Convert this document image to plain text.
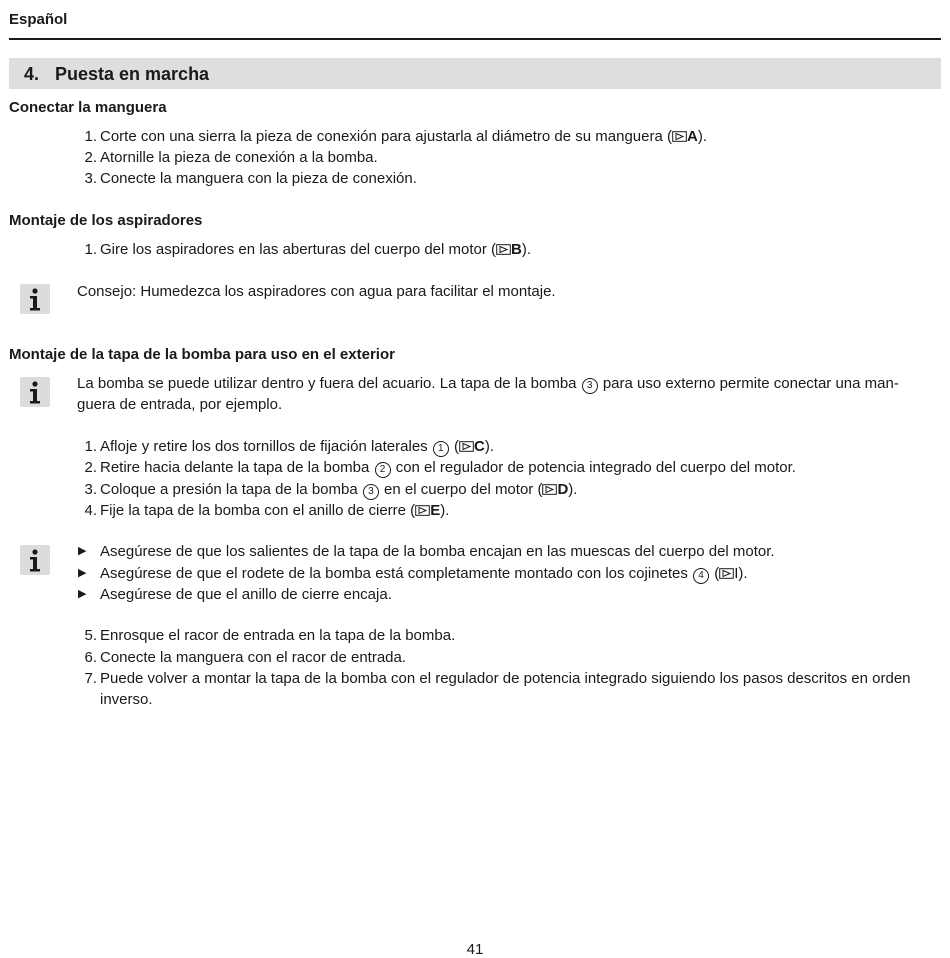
Español
4. Puesta en marcha
Conectar la manguera
1. Corte con una sierra la pieza de conexión para ajustarla al diámetro de su manguera ( A).
2. Atornille la pieza de conexión a la bomba.
3. Conecte la manguera con la pieza de conexión.
Montaje de los aspiradores
1. Gire los aspiradores en las aberturas del cuerpo del motor ( B).
Consejo: Humedezca los aspiradores con agua para facilitar el montaje.
Montaje de la tapa de la bomba para uso en el exterior
La bomba se puede utilizar dentro y fuera del acuario. La tapa de la bomba 3 para uso externo permite conectar una man-
guera de entrada, por ejemplo.
1. Afloje y retire los dos tornillos de fijación laterales 1 ( C).
2. Retire hacia delante la tapa de la bomba 2 con el regulador de potencia integrado del cuerpo del motor.
3. Coloque a presión la tapa de la bomba 3 en el cuerpo del motor ( D).
4. Fije la tapa de la bomba con el anillo de cierre ( E).
▶ Asegúrese de que los salientes de la tapa de la bomba encajan en las muescas del cuerpo del motor.
▶ Asegúrese de que el rodete de la bomba está completamente montado con los cojinetes 4 ( I).
▶ Asegúrese de que el anillo de cierre encaja.
5. Enrosque el racor de entrada en la tapa de la bomba.
6. Conecte la manguera con el racor de entrada.
7. Puede volver a montar la tapa de la bomba con el regulador de potencia integrado siguiendo los pasos descritos en orden
inverso.
41
